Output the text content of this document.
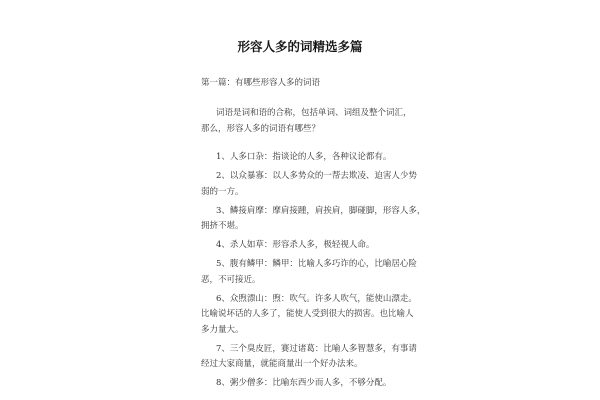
形容人多的词精选多篇
第一篇：有哪些形容人多的词语
词语是词和语的合称，包括单词、词组及整个词汇，
那么，形容人多的词语有哪些？
1、人多口杂：指谈论的人多，各种议论都有。
2、以众暴寡：以人多势众的一帮去欺凌、迫害人少势
弱的一方。
3、鳞接肩摩：摩肩接踵，肩挨肩，脚碰脚，形容人多，
拥挤不堪。
4、杀人如草：形容杀人多，极轻视人命。
5、腹有鳞甲：鳞甲：比喻人多巧诈的心，比喻居心险
恶，不可接近。
6、众煦漂山：煦：吹气。许多人吹气，能使山漂走。
比喻说坏话的人多了，能使人受到很大的损害。也比喻人
多力量大。
7、三个臭皮匠，赛过诸葛：比喻人多智慧多，有事请
经过大家商量，就能商量出一个好办法来。
8、粥少僧多：比喻东西少而人多，不够分配。
